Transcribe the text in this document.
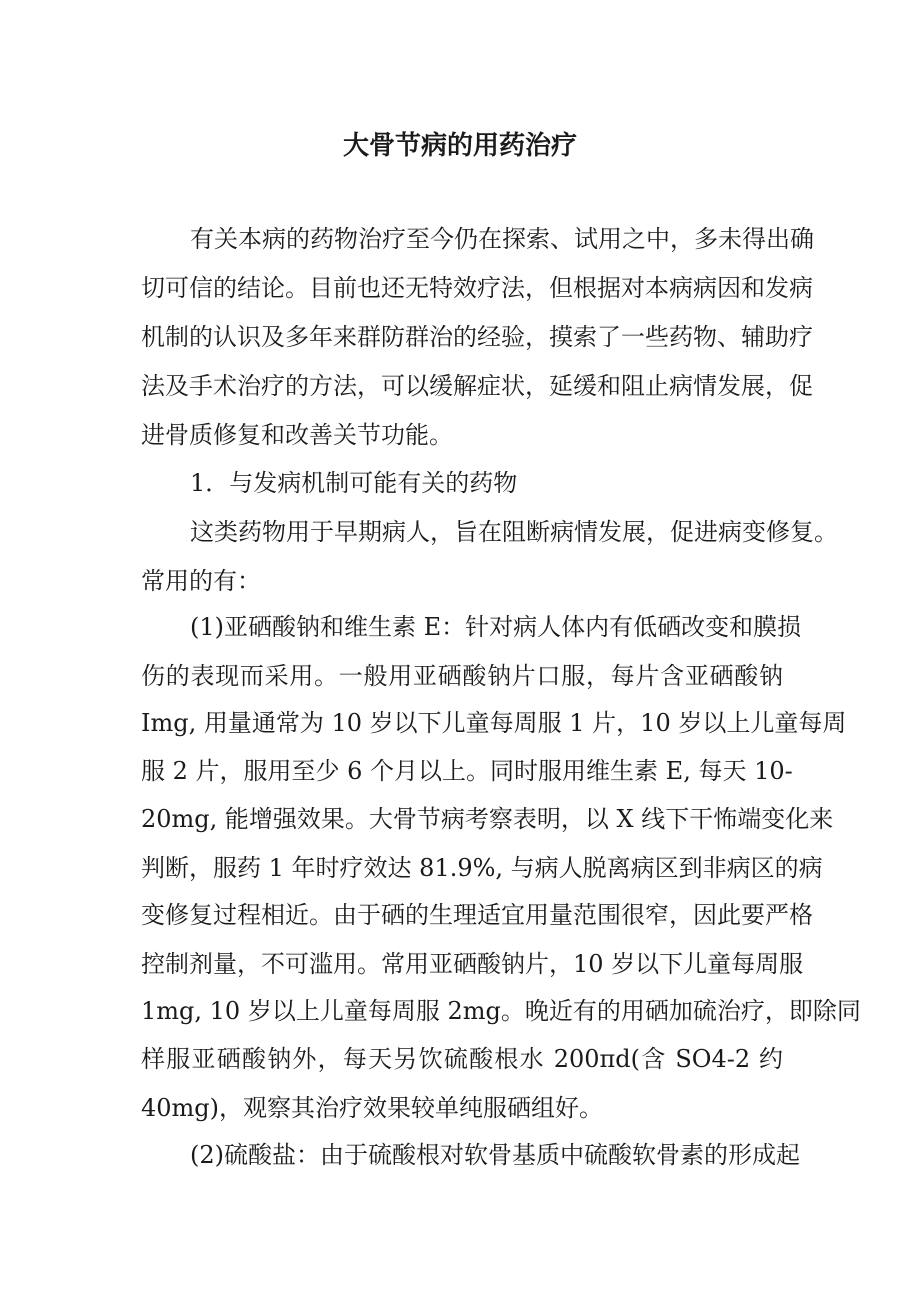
大骨节病的用药治疗

有关本病的药物治疗至今仍在探索、试用之中，多未得出确

切可信的结论。目前也还无特效疗法，但根据对本病病因和发病

机制的认识及多年来群防群治的经验，摸索了一些药物、辅助疗

法及手术治疗的方法，可以缓解症状，延缓和阻止病情发展，促

进骨质修复和改善关节功能。

1．与发病机制可能有关的药物

这类药物用于早期病人，旨在阻断病情发展，促进病变修复。

常用的有：

(1)亚硒酸钠和维生素 E：针对病人体内有低硒改变和膜损

伤的表现而采用。一般用亚硒酸钠片口服，每片含亚硒酸钠

Img, 用量通常为 10 岁以下儿童每周服 1 片，10 岁以上儿童每周

服 2 片，服用至少 6 个月以上。同时服用维生素 E, 每天 10-

20mg, 能增强效果。大骨节病考察表明，以 X 线下干怖端变化来

判断，服药 1 年时疗效达 81.9%, 与病人脱离病区到非病区的病

变修复过程相近。由于硒的生理适宜用量范围很窄，因此要严格

控制剂量，不可滥用。常用亚硒酸钠片，10 岁以下儿童每周服

1mg, 10 岁以上儿童每周服 2mg。晚近有的用硒加硫治疗，即除同

样服亚硒酸钠外，每天另饮硫酸根水 200πd(含 SO4-2 约

40mg)，观察其治疗效果较单纯服硒组好。

(2)硫酸盐：由于硫酸根对软骨基质中硫酸软骨素的形成起
